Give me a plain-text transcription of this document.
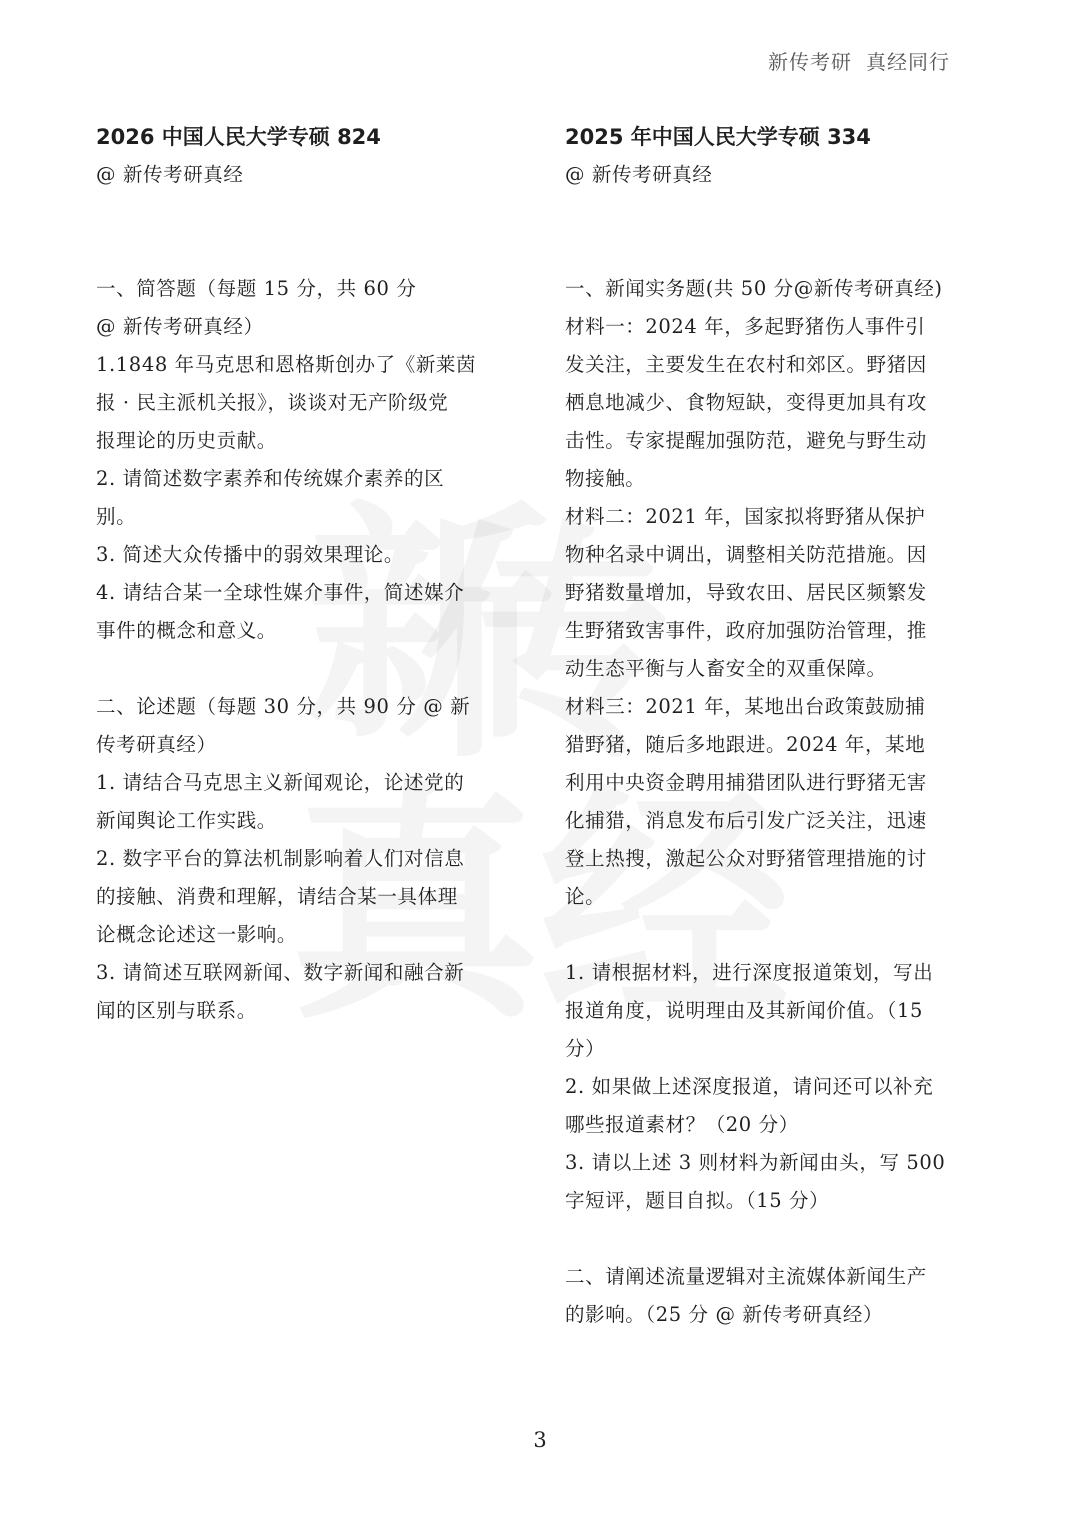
新传考研 真经同行
2026 中国人民大学专硕 824
@ 新传考研真经
一、简答题（每题 15 分，共 60 分
@ 新传考研真经）
1.1848 年马克思和恩格斯创办了《新莱茵
报 · 民主派机关报》，谈谈对无产阶级党
报理论的历史贡献。
2. 请简述数字素养和传统媒介素养的区
别。
3. 简述大众传播中的弱效果理论。
4. 请结合某一全球性媒介事件，简述媒介
事件的概念和意义。
二、论述题（每题 30 分，共 90 分 @ 新
传考研真经）
1. 请结合马克思主义新闻观论，论述党的
新闻舆论工作实践。
2. 数字平台的算法机制影响着人们对信息
的接触、消费和理解，请结合某一具体理
论概念论述这一影响。
3. 请简述互联网新闻、数字新闻和融合新
闻的区别与联系。
2025 年中国人民大学专硕 334
@ 新传考研真经
一、新闻实务题(共 50 分@新传考研真经)
材料一：2024 年，多起野猪伤人事件引
发关注，主要发生在农村和郊区。野猪因
栖息地减少、食物短缺，变得更加具有攻
击性。专家提醒加强防范，避免与野生动
物接触。
材料二：2021 年，国家拟将野猪从保护
物种名录中调出，调整相关防范措施。因
野猪数量增加，导致农田、居民区频繁发
生野猪致害事件，政府加强防治管理，推
动生态平衡与人畜安全的双重保障。
材料三：2021 年，某地出台政策鼓励捕
猎野猪，随后多地跟进。2024 年，某地
利用中央资金聘用捕猎团队进行野猪无害
化捕猎，消息发布后引发广泛关注，迅速
登上热搜，激起公众对野猪管理措施的讨
论。
1. 请根据材料，进行深度报道策划，写出
报道角度，说明理由及其新闻价值。（15
分）
2. 如果做上述深度报道，请问还可以补充
哪些报道素材？（20 分）
3. 请以上述 3 则材料为新闻由头，写 500
字短评，题目自拟。（15 分）
二、请阐述流量逻辑对主流媒体新闻生产
的影响。（25 分 @ 新传考研真经）
3
